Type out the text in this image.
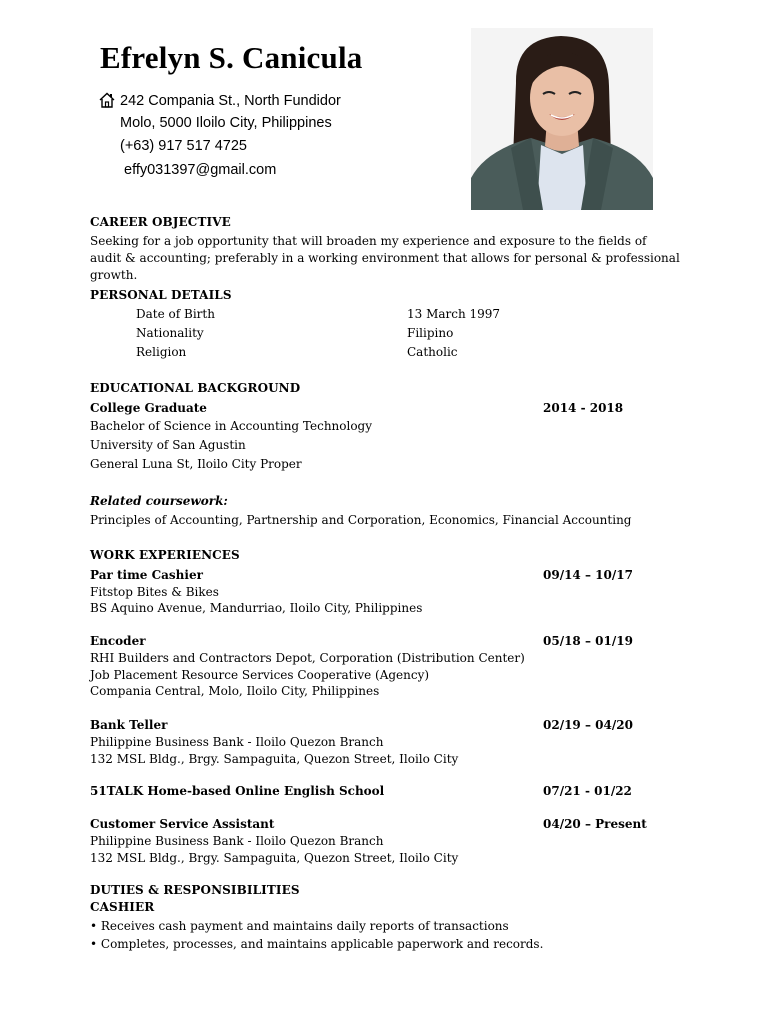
Efrelyn S. Canicula
242 Compania St., North Fundidor
Molo, 5000 Iloilo City, Philippines
(+63) 917 517 4725
effy031397@gmail.com
CAREER OBJECTIVE
Seeking for a job opportunity that will broaden my experience and exposure to the fields of audit & accounting; preferably in a working environment that allows for personal & professional growth.
PERSONAL DETAILS
Date of Birth	13 March 1997
Nationality	Filipino
Religion	Catholic
EDUCATIONAL BACKGROUND
College Graduate	2014 - 2018
Bachelor of Science in Accounting Technology
University of San Agustin
General Luna St, Iloilo City Proper
Related coursework:
Principles of Accounting, Partnership and Corporation, Economics, Financial Accounting
WORK EXPERIENCES
Par time Cashier	09/14 – 10/17
Fitstop Bites & Bikes
BS Aquino Avenue, Mandurriao, Iloilo City, Philippines
Encoder	05/18 – 01/19
RHI Builders and Contractors Depot, Corporation (Distribution Center)
Job Placement Resource Services Cooperative (Agency)
Compania Central, Molo, Iloilo City, Philippines
Bank Teller	02/19 – 04/20
Philippine Business Bank - Iloilo Quezon Branch
132 MSL Bldg., Brgy. Sampaguita, Quezon Street, Iloilo City
51TALK Home-based Online English School	07/21 - 01/22
Customer Service Assistant	04/20 – Present
Philippine Business Bank - Iloilo Quezon Branch
132 MSL Bldg., Brgy. Sampaguita, Quezon Street, Iloilo City
DUTIES & RESPONSIBILITIES
CASHIER
• Receives cash payment and maintains daily reports of transactions
• Completes, processes, and maintains applicable paperwork and records.
